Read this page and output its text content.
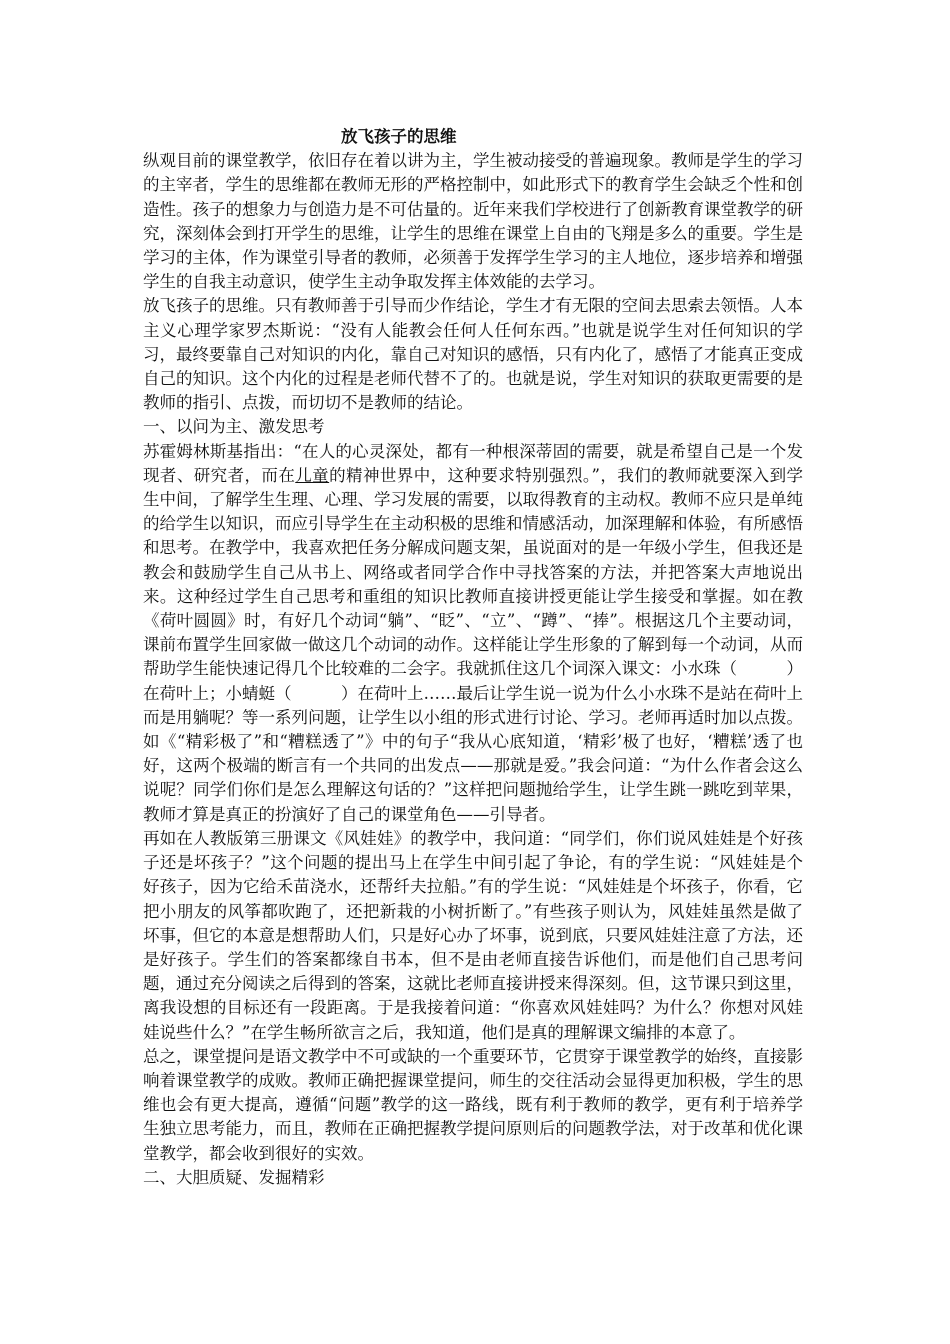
放飞孩子的思维

纵观目前的课堂教学，依旧存在着以讲为主，学生被动接受的普遍现象。教师是学生的学习的主宰者，学生的思维都在教师无形的严格控制中，如此形式下的教育学生会缺乏个性和创造性。孩子的想象力与创造力是不可估量的。近年来我们学校进行了创新教育课堂教学的研究，深刻体会到打开学生的思维，让学生的思维在课堂上自由的飞翔是多么的重要。学生是学习的主体，作为课堂引导者的教师，必须善于发挥学生学习的主人地位，逐步培养和增强学生的自我主动意识，使学生主动争取发挥主体效能的去学习。

放飞孩子的思维。只有教师善于引导而少作结论，学生才有无限的空间去思索去领悟。人本主义心理学家罗杰斯说：“没有人能教会任何人任何东西。”也就是说学生对任何知识的学习，最终要靠自己对知识的内化，靠自己对知识的感悟，只有内化了，感悟了才能真正变成自己的知识。这个内化的过程是老师代替不了的。也就是说，学生对知识的获取更需要的是教师的指引、点拨，而切切不是教师的结论。

一、以问为主、激发思考

苏霍姆林斯基指出：“在人的心灵深处，都有一种根深蒂固的需要，就是希望自己是一个发现者、研究者，而在儿童的精神世界中，这种要求特别强烈。”，我们的教师就要深入到学生中间，了解学生生理、心理、学习发展的需要，以取得教育的主动权。教师不应只是单纯的给学生以知识，而应引导学生在主动积极的思维和情感活动，加深理解和体验，有所感悟和思考。在教学中，我喜欢把任务分解成问题支架，虽说面对的是一年级小学生，但我还是教会和鼓励学生自己从书上、网络或者同学合作中寻找答案的方法，并把答案大声地说出来。这种经过学生自己思考和重组的知识比教师直接讲授更能让学生接受和掌握。如在教《荷叶圆圆》时，有好几个动词“躺”、“眨”、“立”、“蹲”、“捧”。根据这几个主要动词，课前布置学生回家做一做这几个动词的动作。这样能让学生形象的了解到每一个动词，从而帮助学生能快速记得几个比较难的二会字。我就抓住这几个词深入课文：小水珠（　　　）在荷叶上；小蜻蜓（　　　）在荷叶上……最后让学生说一说为什么小水珠不是站在荷叶上而是用躺呢？等一系列问题，让学生以小组的形式进行讨论、学习。老师再适时加以点拨。如《“精彩极了”和“糟糕透了”》中的句子“我从心底知道，‘精彩’极了也好，‘糟糕’透了也好，这两个极端的断言有一个共同的出发点——那就是爱。”我会问道：“为什么作者会这么说呢？同学们你们是怎么理解这句话的？”这样把问题抛给学生，让学生跳一跳吃到苹果，教师才算是真正的扮演好了自己的课堂角色——引导者。

再如在人教版第三册课文《风娃娃》的教学中，我问道：“同学们，你们说风娃娃是个好孩子还是坏孩子？”这个问题的提出马上在学生中间引起了争论，有的学生说：“风娃娃是个好孩子，因为它给禾苗浇水，还帮纤夫拉船。”有的学生说：“风娃娃是个坏孩子，你看，它把小朋友的风筝都吹跑了，还把新栽的小树折断了。”有些孩子则认为，风娃娃虽然是做了坏事，但它的本意是想帮助人们，只是好心办了坏事，说到底，只要风娃娃注意了方法，还是好孩子。学生们的答案都缘自书本，但不是由老师直接告诉他们，而是他们自己思考问题，通过充分阅读之后得到的答案，这就比老师直接讲授来得深刻。但，这节课只到这里，离我设想的目标还有一段距离。于是我接着问道：“你喜欢风娃娃吗？为什么？你想对风娃娃说些什么？”在学生畅所欲言之后，我知道，他们是真的理解课文编排的本意了。

总之，课堂提问是语文教学中不可或缺的一个重要环节，它贯穿于课堂教学的始终，直接影响着课堂教学的成败。教师正确把握课堂提问，师生的交往活动会显得更加积极，学生的思维也会有更大提高，遵循“问题”教学的这一路线，既有利于教师的教学，更有利于培养学生独立思考能力，而且，教师在正确把握教学提问原则后的问题教学法，对于改革和优化课堂教学，都会收到很好的实效。

二、大胆质疑、发掘精彩
